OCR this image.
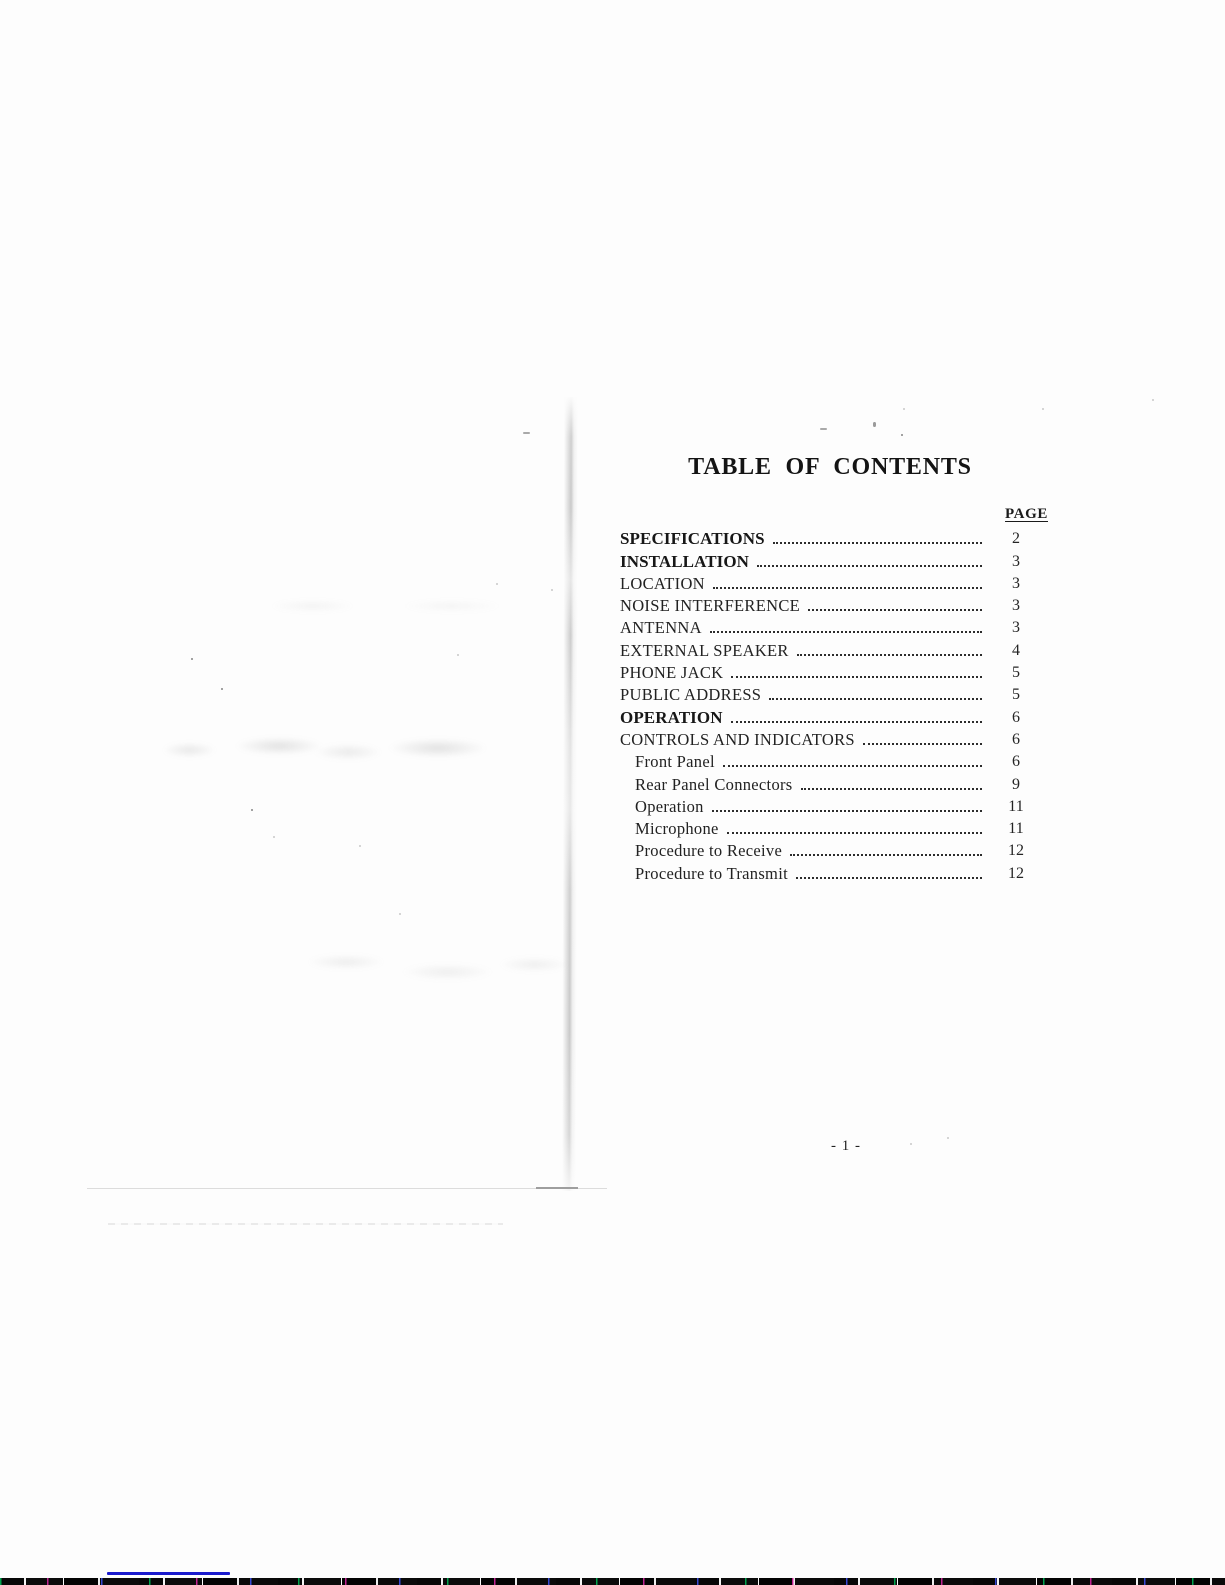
TABLE OF CONTENTS
PAGE
SPECIFICATIONS	2
INSTALLATION	3
LOCATION	3
NOISE INTERFERENCE	3
ANTENNA	3
EXTERNAL SPEAKER	4
PHONE JACK	5
PUBLIC ADDRESS	5
OPERATION	6
CONTROLS AND INDICATORS	6
Front Panel	6
Rear Panel Connectors	9
Operation	11
Microphone	11
Procedure to Receive	12
Procedure to Transmit	12
- 1 -
